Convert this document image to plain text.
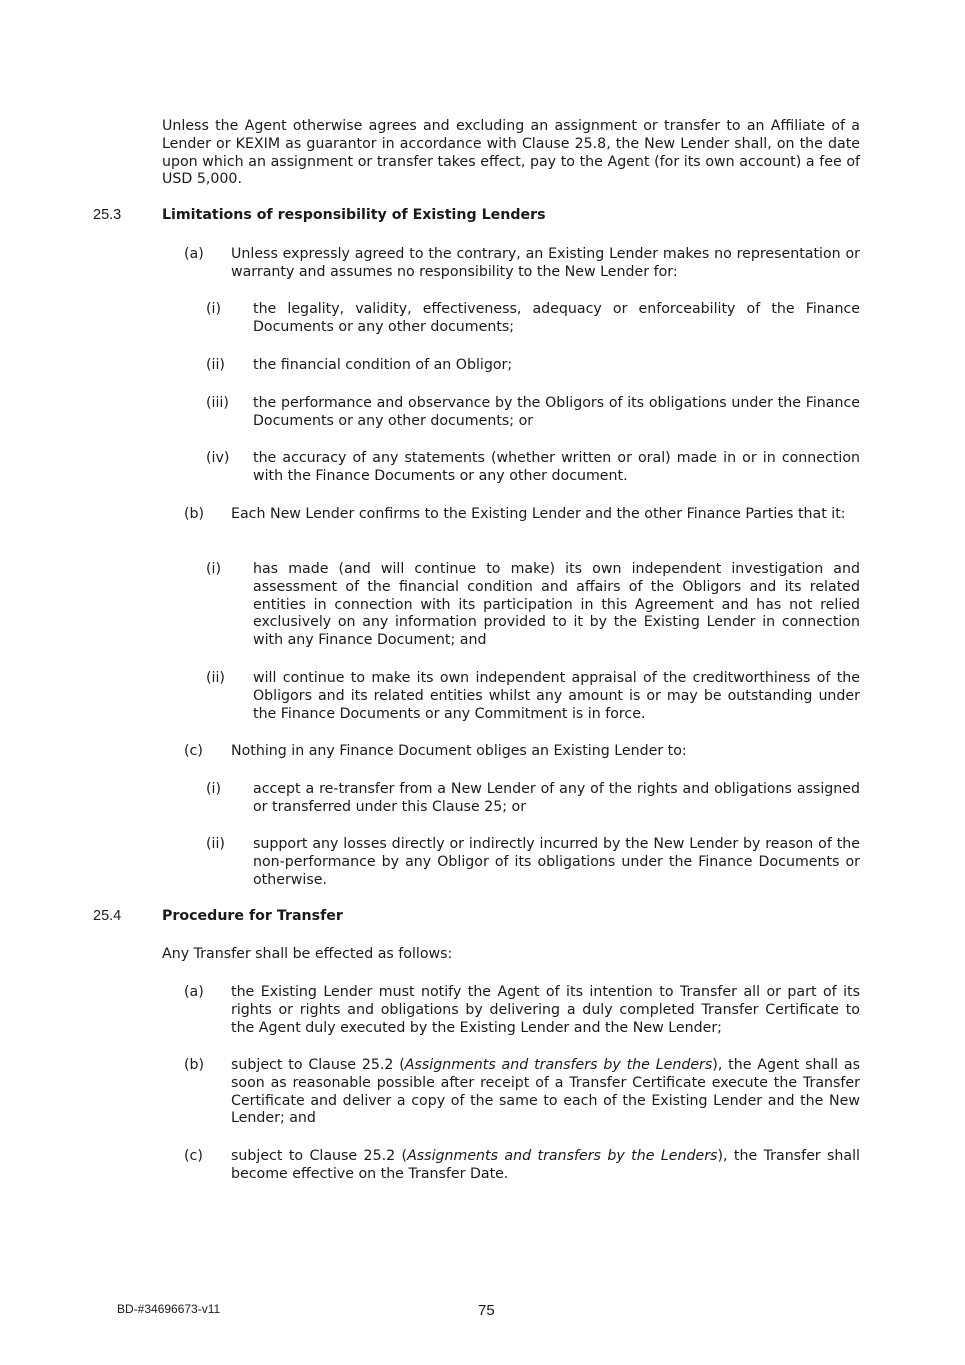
Unless the Agent otherwise agrees and excluding an assignment or transfer to an Affiliate of a Lender or KEXIM as guarantor in accordance with Clause 25.8, the New Lender shall, on the date upon which an assignment or transfer takes effect, pay to the Agent (for its own account) a fee of USD 5,000.
25.3	Limitations of responsibility of Existing Lenders
(a) Unless expressly agreed to the contrary, an Existing Lender makes no representation or warranty and assumes no responsibility to the New Lender for:
(i) the legality, validity, effectiveness, adequacy or enforceability of the Finance Documents or any other documents;
(ii) the financial condition of an Obligor;
(iii) the performance and observance by the Obligors of its obligations under the Finance Documents or any other documents; or
(iv) the accuracy of any statements (whether written or oral) made in or in connection with the Finance Documents or any other document.
(b) Each New Lender confirms to the Existing Lender and the other Finance Parties that it:
(i) has made (and will continue to make) its own independent investigation and assessment of the financial condition and affairs of the Obligors and its related entities in connection with its participation in this Agreement and has not relied exclusively on any information provided to it by the Existing Lender in connection with any Finance Document; and
(ii) will continue to make its own independent appraisal of the creditworthiness of the Obligors and its related entities whilst any amount is or may be outstanding under the Finance Documents or any Commitment is in force.
(c) Nothing in any Finance Document obliges an Existing Lender to:
(i) accept a re-transfer from a New Lender of any of the rights and obligations assigned or transferred under this Clause 25; or
(ii) support any losses directly or indirectly incurred by the New Lender by reason of the non-performance by any Obligor of its obligations under the Finance Documents or otherwise.
25.4	Procedure for Transfer
Any Transfer shall be effected as follows:
(a) the Existing Lender must notify the Agent of its intention to Transfer all or part of its rights or rights and obligations by delivering a duly completed Transfer Certificate to the Agent duly executed by the Existing Lender and the New Lender;
(b) subject to Clause 25.2 (Assignments and transfers by the Lenders), the Agent shall as soon as reasonable possible after receipt of a Transfer Certificate execute the Transfer Certificate and deliver a copy of the same to each of the Existing Lender and the New Lender; and
(c) subject to Clause 25.2 (Assignments and transfers by the Lenders), the Transfer shall become effective on the Transfer Date.
BD-#34696673-v11	75
